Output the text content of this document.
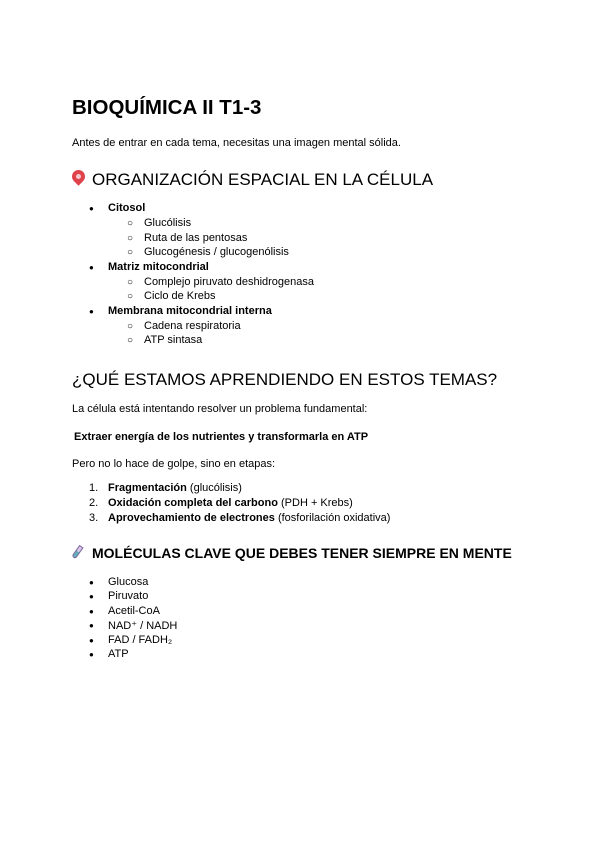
BIOQUÍMICA II T1-3
Antes de entrar en cada tema, necesitas una imagen mental sólida.
ORGANIZACIÓN ESPACIAL EN LA CÉLULA
● Citosol
○ Glucólisis
○ Ruta de las pentosas
○ Glucogénesis / glucogenólisis
● Matriz mitocondrial
○ Complejo piruvato deshidrogenasa
○ Ciclo de Krebs
● Membrana mitocondrial interna
○ Cadena respiratoria
○ ATP sintasa
¿QUÉ ESTAMOS APRENDIENDO EN ESTOS TEMAS?
La célula está intentando resolver un problema fundamental:
Extraer energía de los nutrientes y transformarla en ATP
Pero no lo hace de golpe, sino en etapas:
1. Fragmentación (glucólisis)
2. Oxidación completa del carbono (PDH + Krebs)
3. Aprovechamiento de electrones (fosforilación oxidativa)
MOLÉCULAS CLAVE QUE DEBES TENER SIEMPRE EN MENTE
● Glucosa
● Piruvato
● Acetil-CoA
● NAD⁺ / NADH
● FAD / FADH₂
● ATP
